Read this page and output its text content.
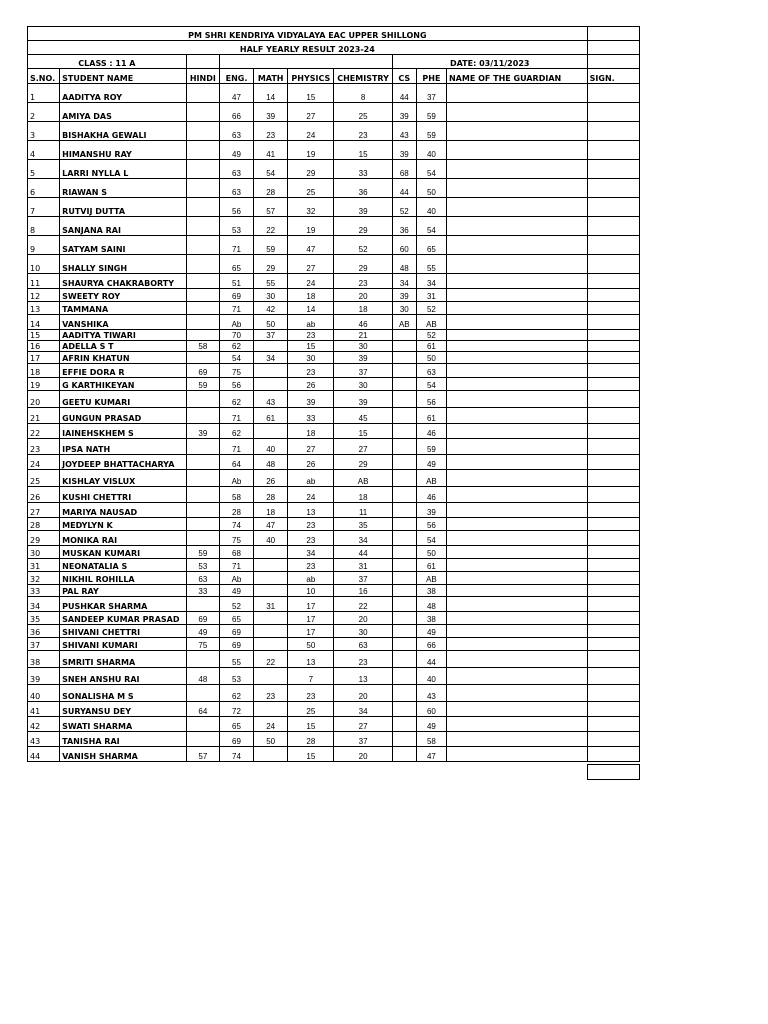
PM SHRI KENDRIYA VIDYALAYA EAC UPPER SHILLONG										
HALF YEARLY RESULT 2023-24										
CLASS : 11 A							DATE: 03/11/2023			
S.NO.	STUDENT NAME	HINDI	ENG.	MATH	PHYSICS	CHEMISTRY	CS	PHE	NAME OF THE GUARDIAN	SIGN.
1	AADITYA ROY		47	14	15	8	44	37		
2	AMIYA DAS		66	39	27	25	39	59		
3	BISHAKHA GEWALI		63	23	24	23	43	59		
4	HIMANSHU RAY		49	41	19	15	39	40		
5	LARRI NYLLA L		63	54	29	33	68	54		
6	RIAWAN S		63	28	25	36	44	50		
7	RUTVIJ DUTTA		56	57	32	39	52	40		
8	SANJANA RAI		53	22	19	29	36	54		
9	SATYAM SAINI		71	59	47	52	60	65		
10	SHALLY SINGH		65	29	27	29	48	55		
11	SHAURYA CHAKRABORTY		51	55	24	23	34	34		
12	SWEETY ROY		69	30	18	20	39	31		
13	TAMMANA		71	42	14	18	30	52		
14	VANSHIKA		Ab	50	ab	46	AB	AB		
15	AADITYA TIWARI		70	37	23	21		52		
16	ADELLA S T	58	62		15	30		61		
17	AFRIN KHATUN		54	34	30	39		50		
18	EFFIE DORA R	69	75		23	37		63		
19	G KARTHIKEYAN	59	56		26	30		54		
20	GEETU KUMARI		62	43	39	39		56		
21	GUNGUN PRASAD		71	61	33	45		61		
22	IAINEHSKHEM S	39	62		18	15		46		
23	IPSA NATH		71	40	27	27		59		
24	JOYDEEP BHATTACHARYA		64	48	26	29		49		
25	KISHLAY VISLUX		Ab	26	ab	AB		AB		
26	KUSHI CHETTRI		58	28	24	18		46		
27	MARIYA NAUSAD		28	18	13	11		39		
28	MEDYLYN K		74	47	23	35		56		
29	MONIKA RAI		75	40	23	34		54		
30	MUSKAN KUMARI	59	68		34	44		50		
31	NEONATALIA S	53	71		23	31		61		
32	NIKHIL ROHILLA	63	Ab		ab	37		AB		
33	PAL RAY	33	49		10	16		38		
34	PUSHKAR SHARMA		52	31	17	22		48		
35	SANDEEP KUMAR PRASAD	69	65		17	20		38		
36	SHIVANI CHETTRI	49	69		17	30		49		
37	SHIVANI KUMARI	75	69		50	63		66		
38	SMRITI SHARMA		55	22	13	23		44		
39	SNEH ANSHU RAI	48	53		7	13		40		
40	SONALISHA M S		62	23	23	20		43		
41	SURYANSU DEY	64	72		25	34		60		
42	SWATI SHARMA		65	24	15	27		49		
43	TANISHA RAI		69	50	28	37		58		
44	VANISH SHARMA	57	74		15	20		47		
